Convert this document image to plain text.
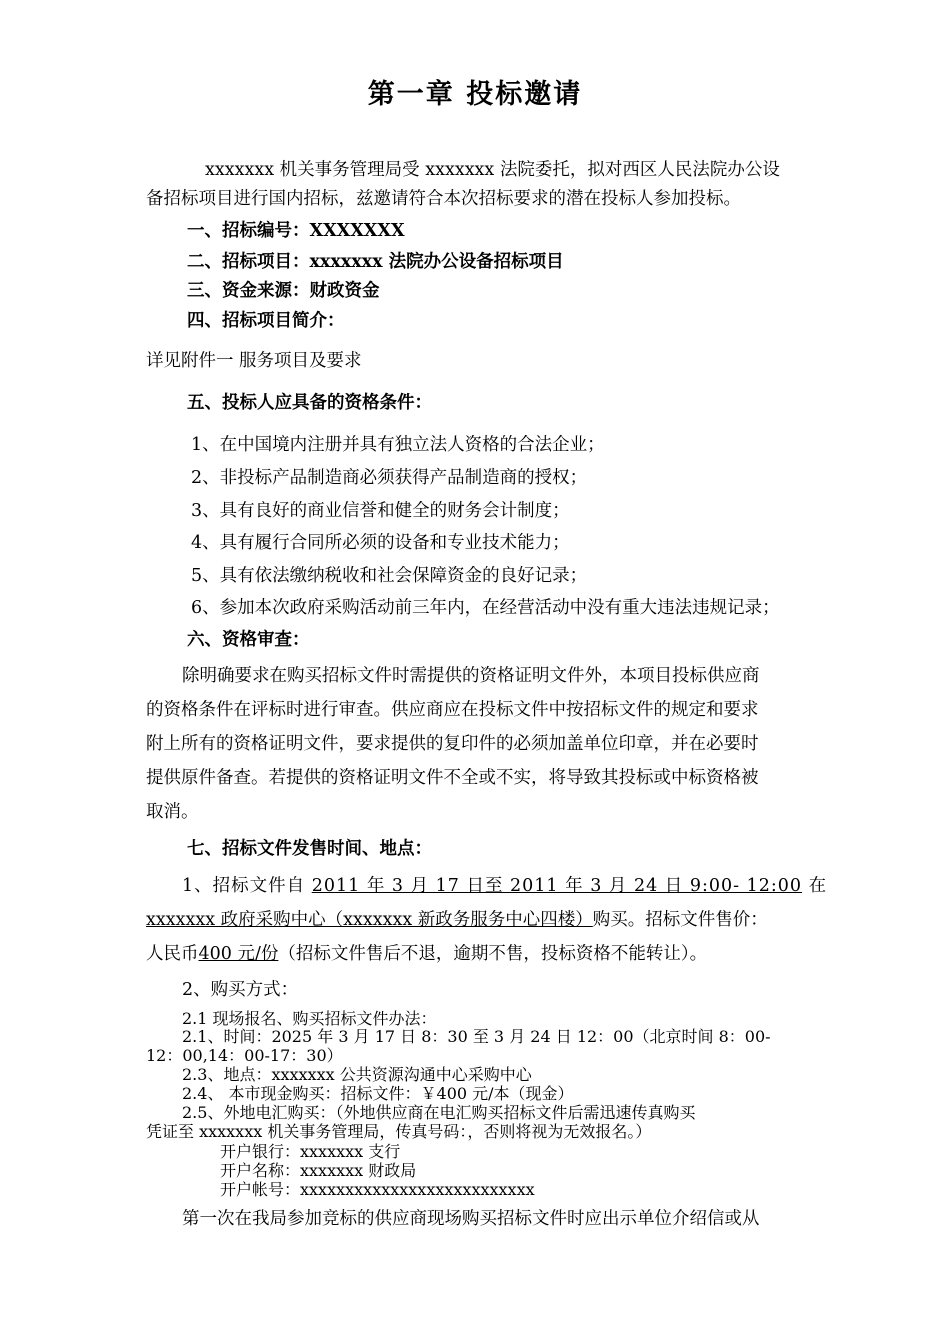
第一章 投标邀请
xxxxxxx 机关事务管理局受 xxxxxxx 法院委托，拟对西区人民法院办公设
备招标项目进行国内招标，兹邀请符合本次招标要求的潜在投标人参加投标。
一、招标编号：XXXXXXX
二、招标项目：xxxxxxx 法院办公设备招标项目
三、资金来源：财政资金
四、招标项目简介：
详见附件一 服务项目及要求
五、投标人应具备的资格条件：
1、在中国境内注册并具有独立法人资格的合法企业；
2、非投标产品制造商必须获得产品制造商的授权；
3、具有良好的商业信誉和健全的财务会计制度；
4、具有履行合同所必须的设备和专业技术能力；
5、具有依法缴纳税收和社会保障资金的良好记录；
6、参加本次政府采购活动前三年内，在经营活动中没有重大违法违规记录；
六、资格审查：
除明确要求在购买招标文件时需提供的资格证明文件外，本项目投标供应商
的资格条件在评标时进行审查。供应商应在投标文件中按招标文件的规定和要求
附上所有的资格证明文件，要求提供的复印件的必须加盖单位印章，并在必要时
提供原件备查。若提供的资格证明文件不全或不实，将导致其投标或中标资格被
取消。
七、招标文件发售时间、地点：
1、招标文件自 2011 年 3 月 17 日至 2011 年 3 月 24 日 9:00- 12:00 在
xxxxxxx 政府采购中心（xxxxxxx 新政务服务中心四楼）购买。招标文件售价：
人民币400 元/份（招标文件售后不退，逾期不售，投标资格不能转让）。
2、购买方式：
2.1 现场报名、购买招标文件办法：
2.1、时间：2025 年 3 月 17 日 8：30 至 3 月 24 日 12：00（北京时间 8：00-
12：00,14：00-17：30）
2.3、地点：xxxxxxx 公共资源沟通中心采购中心
2.4、 本市现金购买：招标文件：￥400 元/本（现金）
2.5、外地电汇购买：（外地供应商在电汇购买招标文件后需迅速传真购买
凭证至 xxxxxxx 机关事务管理局，传真号码：，否则将视为无效报名。）
开户银行：xxxxxxx 支行
开户名称：xxxxxxx 财政局
开户帐号：xxxxxxxxxxxxxxxxxxxxxxxxxx
第一次在我局参加竞标的供应商现场购买招标文件时应出示单位介绍信或从
